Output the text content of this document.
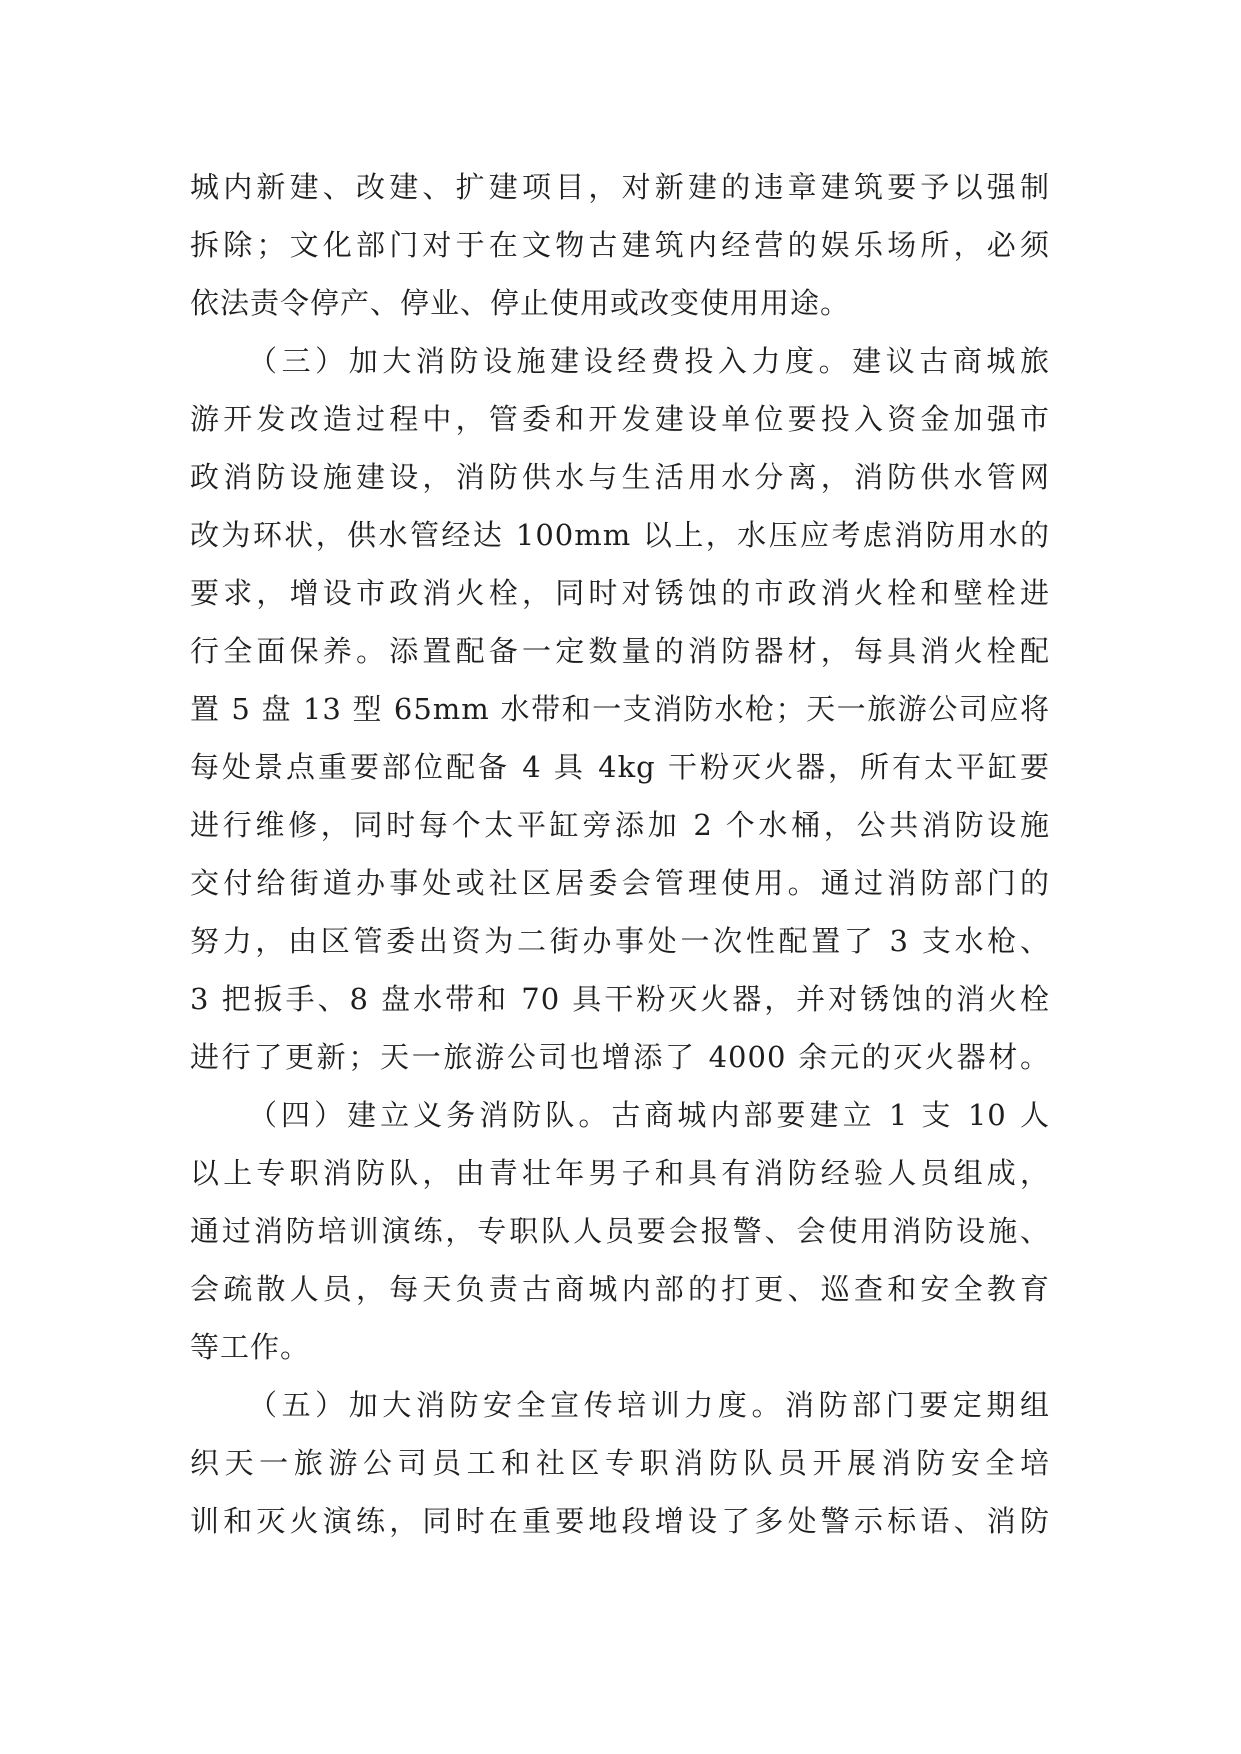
城内新建、改建、扩建项目，对新建的违章建筑要予以强制
拆除；文化部门对于在文物古建筑内经营的娱乐场所，必须
依法责令停产、停业、停止使用或改变使用用途。
（三）加大消防设施建设经费投入力度。建议古商城旅
游开发改造过程中，管委和开发建设单位要投入资金加强市
政消防设施建设，消防供水与生活用水分离，消防供水管网
改为环状，供水管经达 100mm 以上，水压应考虑消防用水的
要求，增设市政消火栓，同时对锈蚀的市政消火栓和壁栓进
行全面保养。添置配备一定数量的消防器材，每具消火栓配
置 5 盘 13 型 65mm 水带和一支消防水枪；天一旅游公司应将
每处景点重要部位配备 4 具 4kg 干粉灭火器，所有太平缸要
进行维修，同时每个太平缸旁添加 2 个水桶，公共消防设施
交付给街道办事处或社区居委会管理使用。通过消防部门的
努力，由区管委出资为二街办事处一次性配置了 3 支水枪、
3 把扳手、8 盘水带和 70 具干粉灭火器，并对锈蚀的消火栓
进行了更新；天一旅游公司也增添了 4000 余元的灭火器材。
（四）建立义务消防队。古商城内部要建立 1 支 10 人
以上专职消防队，由青壮年男子和具有消防经验人员组成，
通过消防培训演练，专职队人员要会报警、会使用消防设施、
会疏散人员，每天负责古商城内部的打更、巡查和安全教育
等工作。
（五）加大消防安全宣传培训力度。消防部门要定期组
织天一旅游公司员工和社区专职消防队员开展消防安全培
训和灭火演练，同时在重要地段增设了多处警示标语、消防
